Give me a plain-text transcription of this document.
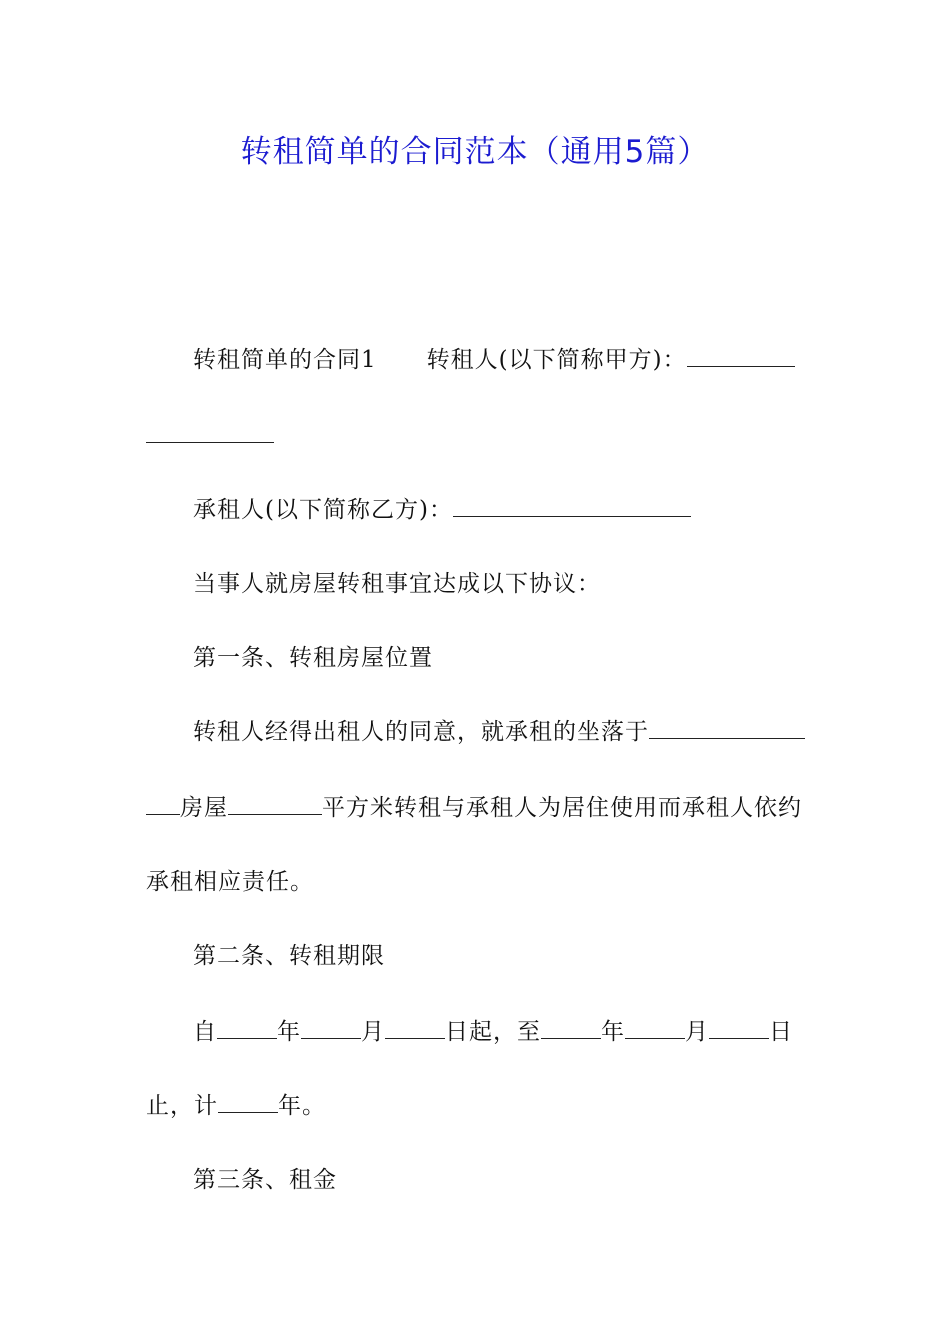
转租简单的合同范本（通用5篇）
转租简单的合同1 转租人(以下简称甲方)：
承租人(以下简称乙方)：
当事人就房屋转租事宜达成以下协议：
第一条、转租房屋位置
转租人经得出租人的同意，就承租的坐落于
房屋	平方米转租与承租人为居住使用而承租人依约
承租相应责任。
第二条、转租期限
自	年	月	日起，至	年	月	日
止，计	年。
第三条、租金
